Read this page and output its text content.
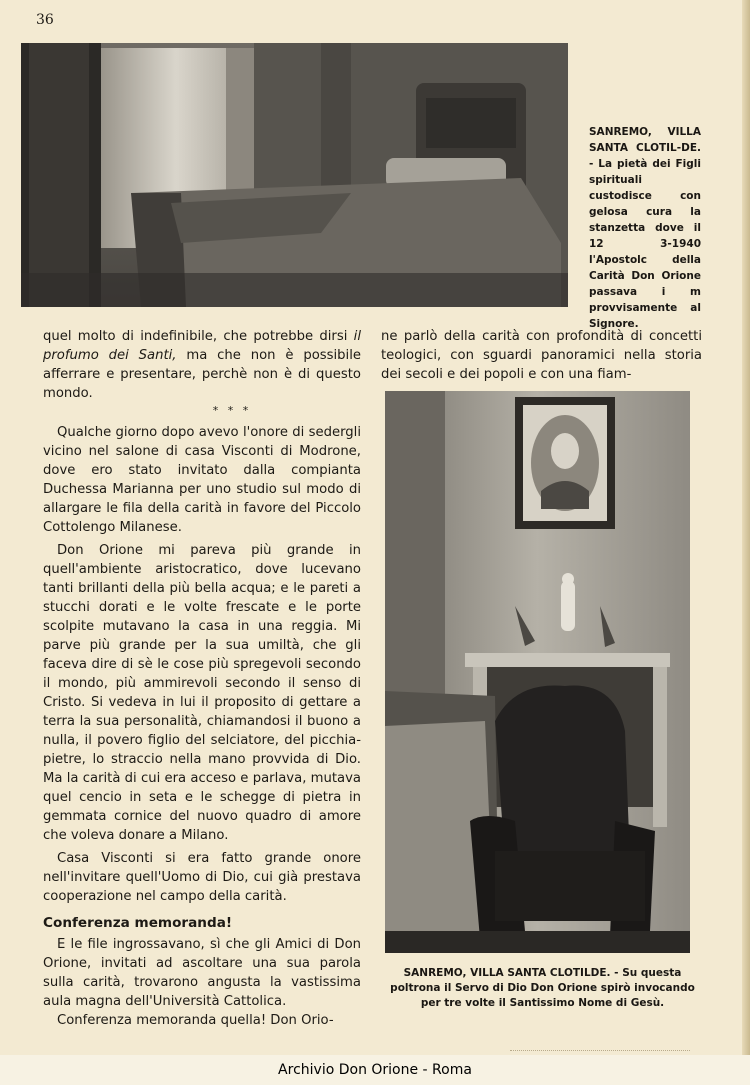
36
SANREMO, VILLA SANTA CLOTIL-DE. - La pietà dei Figli spirituali custodisce con gelosa cura la stanzetta dove il 12 3-1940 l'Apostolc della Carità Don Orione passava i m provvisamente al Signore.

quel molto di indefinibile, che potrebbe dirsi il profumo dei Santi, ma che non è possibile afferrare e presentare, perchè non è di questo mondo.

* * *

Qualche giorno dopo avevo l'onore di sedergli vicino nel salone di casa Visconti di Modrone, dove ero stato invitato dalla compianta Duchessa Marianna per uno studio sul modo di allargare le fila della carità in favore del Piccolo Cottolengo Milanese.

Don Orione mi pareva più grande in quell'ambiente aristocratico, dove lucevano tanti brillanti della più bella acqua; e le pareti a stucchi dorati e le volte frescate e le porte scolpite mutavano la casa in una reggia. Mi parve più grande per la sua umiltà, che gli faceva dire di sè le cose più spregevoli secondo il mondo, più ammirevoli secondo il senso di Cristo. Si vedeva in lui il proposito di gettare a terra la sua personalità, chiamandosi il buono a nulla, il povero figlio del selciatore, del picchia-pietre, lo straccio nella mano provvida di Dio. Ma la carità di cui era acceso e parlava, mutava quel cencio in seta e le schegge di pietra in gemmata cornice del nuovo quadro di amore che voleva donare a Milano.

Casa Visconti si era fatto grande onore nell'invitare quell'Uomo di Dio, cui già prestava cooperazione nel campo della carità.

Conferenza memoranda!

E le file ingrossavano, sì che gli Amici di Don Orione, invitati ad ascoltare una sua parola sulla carità, trovarono angusta la vastissima aula magna dell'Università Cattolica.

Conferenza memoranda quella! Don Orio-

ne parlò della carità con profondità di concetti teologici, con sguardi panoramici nella storia dei secoli e dei popoli e con una fiam-

SANREMO, VILLA SANTA CLOTILDE. - Su questa poltrona il Servo di Dio Don Orione spirò invocando per tre volte il Santissimo Nome di Gesù.
Archivio Don Orione - Roma
